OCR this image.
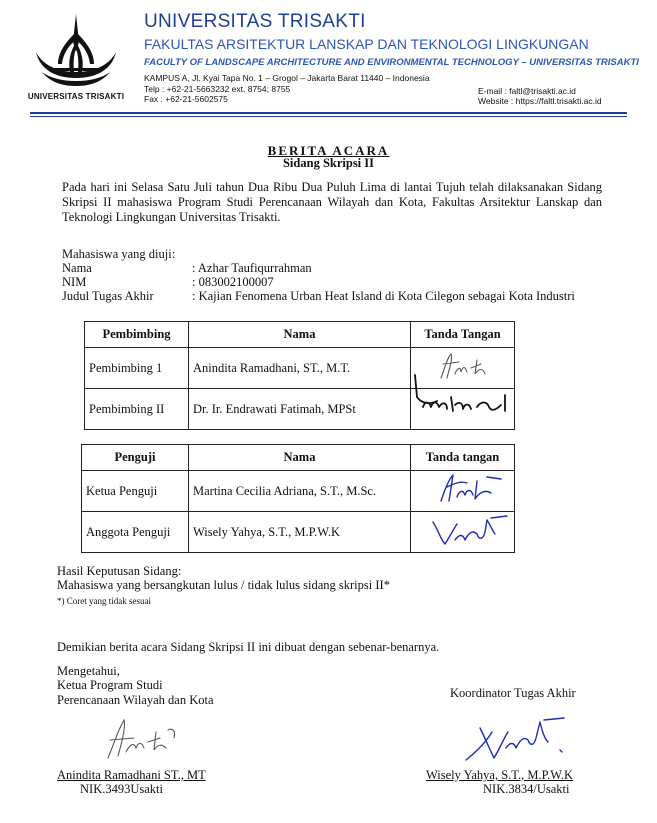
UNIVERSITAS TRISAKTI
UNIVERSITAS TRISAKTI
FAKULTAS ARSITEKTUR LANSKAP DAN TEKNOLOGI LINGKUNGAN
FACULTY OF LANDSCAPE ARCHITECTURE AND ENVIRONMENTAL TECHNOLOGY – UNIVERSITAS TRISAKTI
KAMPUS A, Jl. Kyai Tapa No. 1 – Grogol – Jakarta Barat 11440 – Indonesia
Telp : +62-21-5663232 ext. 8754; 8755
Fax : +62-21-5602575
E-mail : faltl@trisakti.ac.id
Website : https://faltl.trisakti.ac.id
BERITA ACARA
Sidang Skripsi II
Pada hari ini Selasa Satu Juli tahun Dua Ribu Dua Puluh Lima di lantai Tujuh telah dilaksanakan Sidang Skripsi II mahasiswa Program Studi Perencanaan Wilayah dan Kota, Fakultas Arsitektur Lanskap dan Teknologi Lingkungan Universitas Trisakti.
Mahasiswa yang diuji:
Nama	: Azhar Taufiqurrahman
NIM	: 083002100007
Judul Tugas Akhir	: Kajian Fenomena Urban Heat Island di Kota Cilegon sebagai Kota Industri
Pembimbing	Nama	Tanda Tangan
Pembimbing 1	Anindita Ramadhani, ST., M.T.	
Pembimbing II	Dr. Ir. Endrawati Fatimah, MPSt	
Penguji	Nama	Tanda tangan
Ketua Penguji	Martina Cecilia Adriana, S.T., M.Sc.	
Anggota Penguji	Wisely Yahya, S.T., M.P.W.K	
Hasil Keputusan Sidang:
Mahasiswa yang bersangkutan lulus / tidak lulus sidang skripsi II*
*) Coret yang tidak sesuai
Demikian berita acara Sidang Skripsi II ini dibuat dengan sebenar-benarnya.
Mengetahui,
Ketua Program Studi
Perencanaan Wilayah dan Kota	Koordinator Tugas Akhir
Anindita Ramadhani ST., MT
NIK.3493Usakti
Wisely Yahya, S.T., M.P.W.K
NIK.3834/Usakti
